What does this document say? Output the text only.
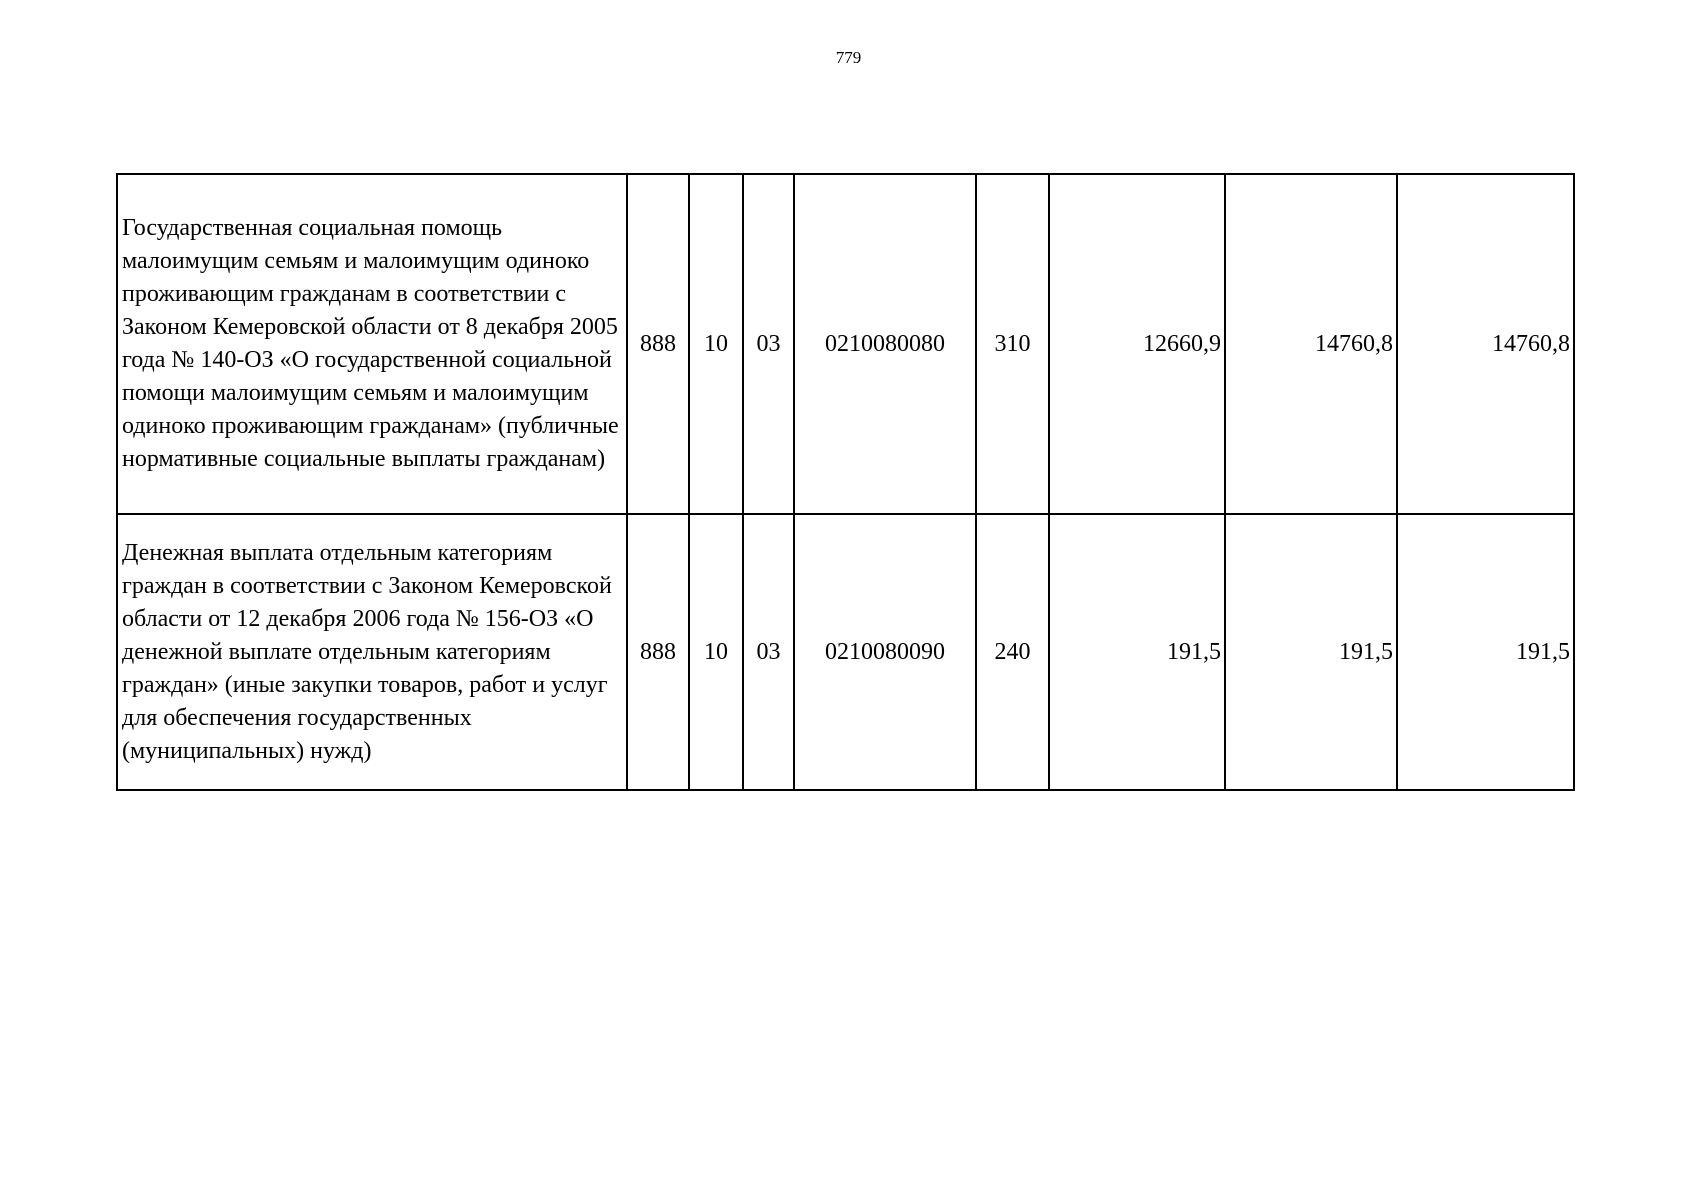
779
Государственная социальная помощь малоимущим семьям и малоимущим одиноко проживающим гражданам в соответствии с Законом Кемеровской области от 8 декабря 2005 года № 140-ОЗ «О государственной социальной помощи малоимущим семьям и малоимущим одиноко проживающим гражданам» (публичные нормативные социальные выплаты гражданам)	888	10	03	0210080080	310	12660,9	14760,8	14760,8
Денежная выплата отдельным категориям граждан в соответствии с Законом Кемеровской области от 12 декабря 2006 года № 156-ОЗ «О денежной выплате отдельным категориям граждан» (иные закупки товаров, работ и услуг для обеспечения государственных (муниципальных) нужд)	888	10	03	0210080090	240	191,5	191,5	191,5
